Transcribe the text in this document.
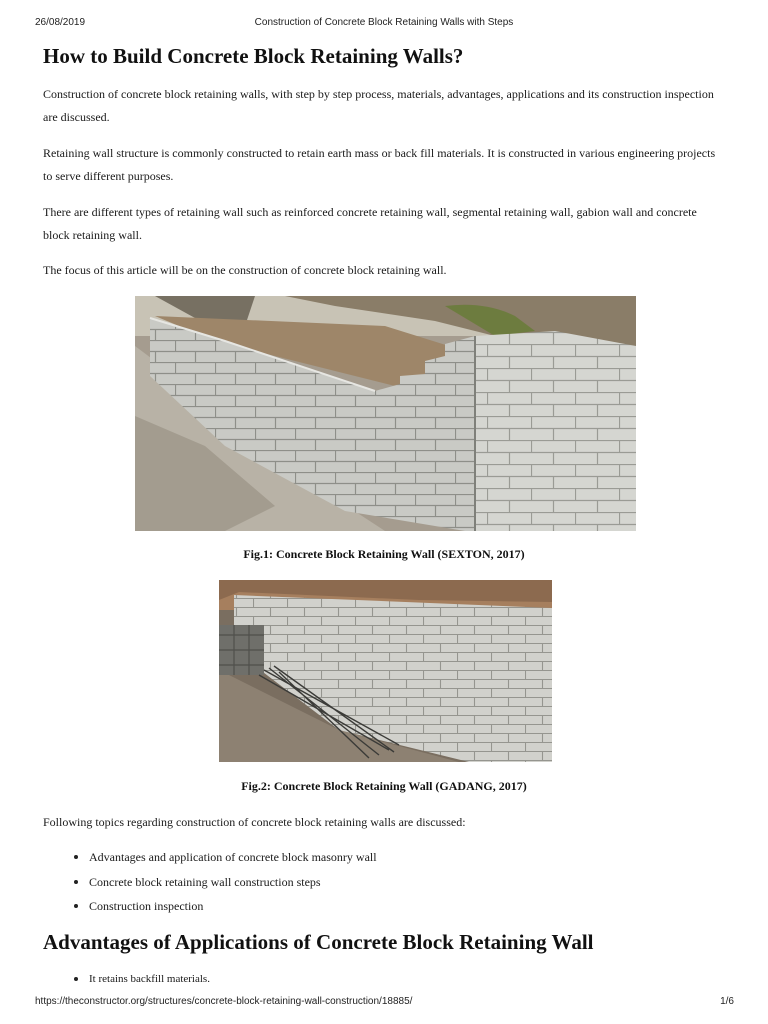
26/08/2019	Construction of Concrete Block Retaining Walls with Steps
How to Build Concrete Block Retaining Walls?

Construction of concrete block retaining walls, with step by step process, materials, advantages, applications and its construction inspection are discussed.

Retaining wall structure is commonly constructed to retain earth mass or back fill materials. It is constructed in various engineering projects to serve different purposes.

There are different types of retaining wall such as reinforced concrete retaining wall, segmental retaining wall, gabion wall and concrete block retaining wall.

The focus of this article will be on the construction of concrete block retaining wall.

Fig.1: Concrete Block Retaining Wall (SEXTON, 2017)
Fig.2: Concrete Block Retaining Wall (GADANG, 2017)

Following topics regarding construction of concrete block retaining walls are discussed:

Advantages and application of concrete block masonry wall
Concrete block retaining wall construction steps
Construction inspection
Advantages of Applications of Concrete Block Retaining Wall
It retains backfill materials.
https://theconstructor.org/structures/concrete-block-retaining-wall-construction/18885/	1/6
